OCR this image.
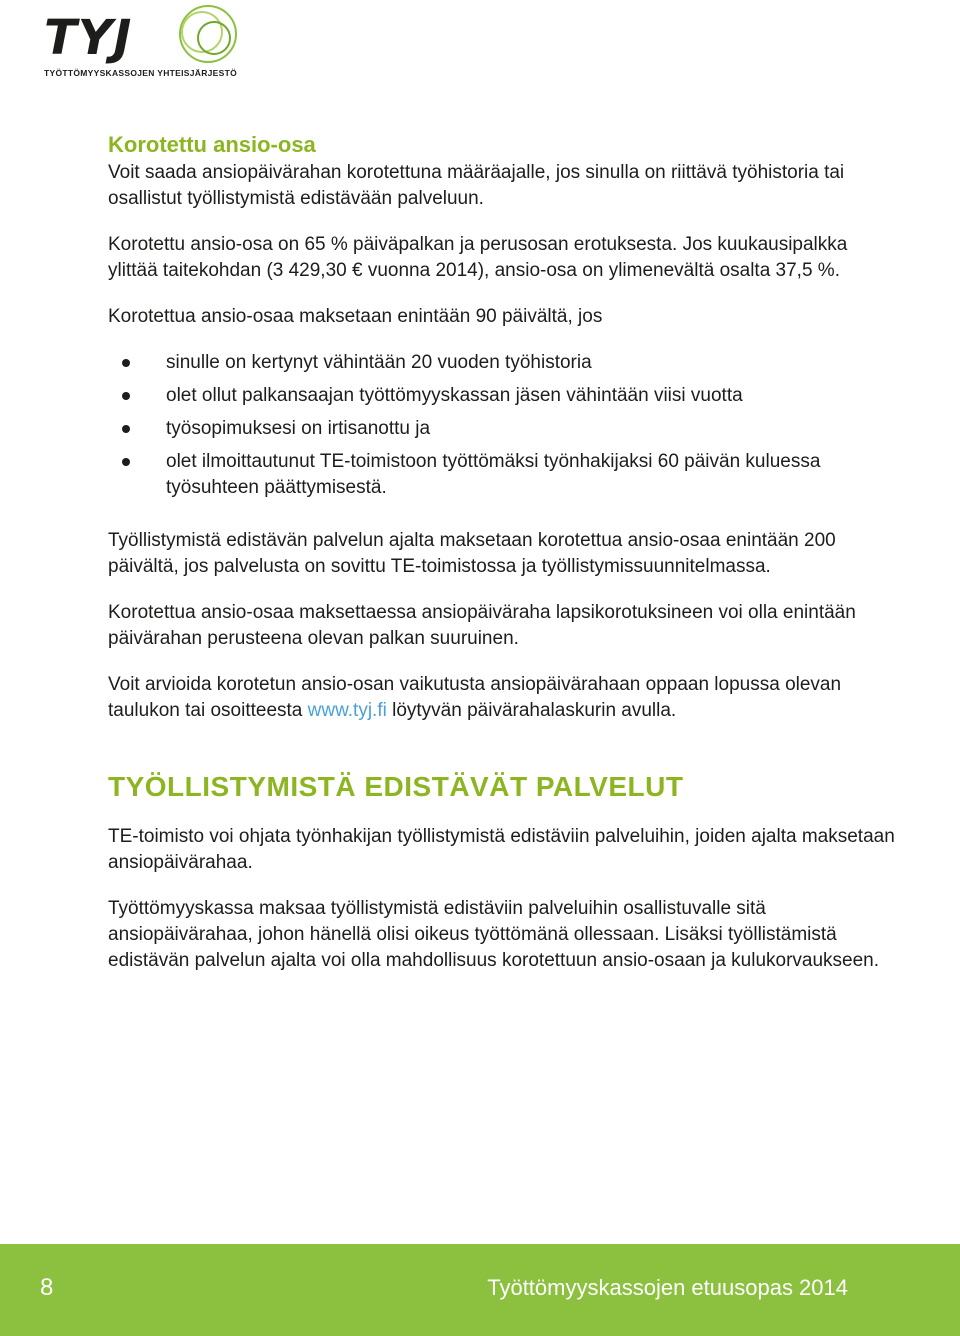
TYJ
TYÖTTÖMYYSKASSOJEN YHTEISJÄRJESTÖ
Korotettu ansio-osa

Voit saada ansiopäivärahan korotettuna määräajalle, jos sinulla on riittävä työhistoria tai osallistut työllistymistä edistävään palveluun.

Korotettu ansio-osa on 65 % päiväpalkan ja perusosan erotuksesta. Jos kuukausipalkka ylittää taitekohdan (3 429,30 € vuonna 2014), ansio-osa on ylimenevältä osalta 37,5 %.

Korotettua ansio-osaa maksetaan enintään 90 päivältä, jos

sinulle on kertynyt vähintään 20 vuoden työhistoria
olet ollut palkansaajan työttömyyskassan jäsen vähintään viisi vuotta
työsopimuksesi on irtisanottu ja
olet ilmoittautunut TE-toimistoon työttömäksi työnhakijaksi 60 päivän kuluessa työsuhteen päättymisestä.

Työllistymistä edistävän palvelun ajalta maksetaan korotettua ansio-osaa enintään 200 päivältä, jos palvelusta on sovittu TE-toimistossa ja työllistymissuunnitelmassa.

Korotettua ansio-osaa maksettaessa ansiopäiväraha lapsikorotuksineen voi olla enintään päivärahan perusteena olevan palkan suuruinen.

Voit arvioida korotetun ansio-osan vaikutusta ansiopäivärahaan oppaan lopussa olevan taulukon tai osoitteesta www.tyj.fi löytyvän päivärahalaskurin avulla.

TYÖLLISTYMISTÄ EDISTÄVÄT PALVELUT

TE-toimisto voi ohjata työnhakijan työllistymistä edistäviin palveluihin, joiden ajalta maksetaan ansiopäivärahaa.

Työttömyyskassa maksaa työllistymistä edistäviin palveluihin osallistuvalle sitä ansiopäivärahaa, johon hänellä olisi oikeus työttömänä ollessaan. Lisäksi työllistämistä edistävän palvelun ajalta voi olla mahdollisuus korotettuun ansio-osaan ja kulukorvaukseen.

8	Työttömyyskassojen etuusopas 2014
